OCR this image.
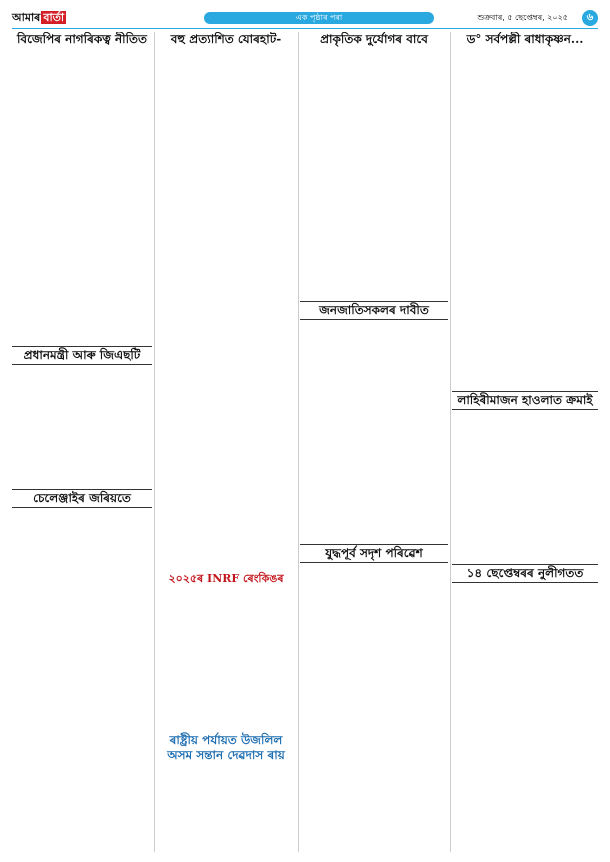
আমাৰ বাৰ্তা	এক পৃষ্ঠাৰ পৰা	শুক্ৰবাৰ, ৫ ছেপ্তেম্বৰ, ২০২৫	৬
বিজেপিৰ নাগৰিকত্ব নীতিত

প্ৰধানমন্ত্ৰী আৰু জিএছটি
চেলেঞ্জাইৰ জৰিয়তে
বহু প্ৰত্যাশিত যোৰহাট-
২০২৫ৰ INRF ৰেংকিঙৰ
ৰাষ্ট্ৰীয় পৰ্যায়ত উজলিল
অসম সন্তান দেৱদাস ৰায়
প্ৰাকৃতিক দুৰ্যোগৰ বাবে
জনজাতিসকলৰ দাবীত
যুদ্ধপূৰ্ব সদৃশ পৰিৱেশ
ড° সৰ্বপল্লী ৰাধাকৃষ্ণন...
লাহিৰীমাজন হাওলাত ক্ৰমাই
১৪ ছেপ্তেম্বৰৰ নুলীগতত
